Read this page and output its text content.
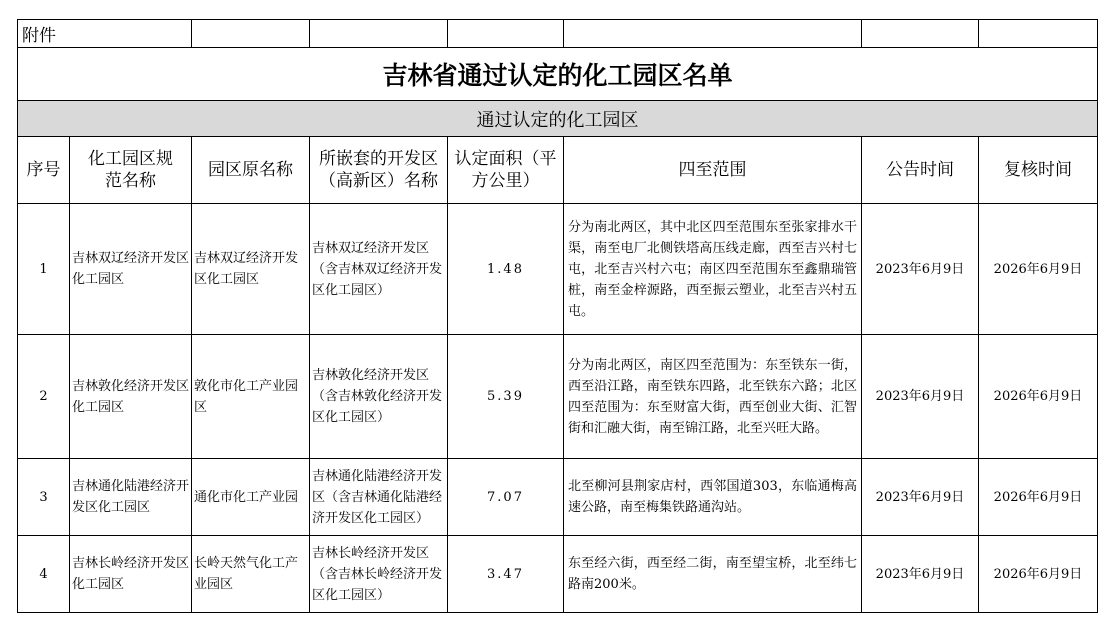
附件							
吉林省通过认定的化工园区名单							
通过认定的化工园区							
序号	化工园区规范名称	园区原名称	所嵌套的开发区（高新区）名称	认定面积（平方公里）	四至范围	公告时间	复核时间
1	吉林双辽经济开发区化工园区	吉林双辽经济开发区化工园区	吉林双辽经济开发区（含吉林双辽经济开发区化工园区）	1.48	分为南北两区，其中北区四至范围东至张家排水干渠，南至电厂北侧铁塔高压线走廊，西至吉兴村七屯，北至吉兴村六屯；南区四至范围东至鑫鼎瑞管桩，南至金梓源路，西至振云塑业，北至吉兴村五屯。	2023年6月9日	2026年6月9日
2	吉林敦化经济开发区化工园区	敦化市化工产业园区	吉林敦化经济开发区（含吉林敦化经济开发区化工园区）	5.39	分为南北两区，南区四至范围为：东至铁东一街，西至沿江路，南至铁东四路，北至铁东六路；北区四至范围为：东至财富大街，西至创业大街、汇智街和汇融大街，南至锦江路，北至兴旺大路。	2023年6月9日	2026年6月9日
3	吉林通化陆港经济开发区化工园区	通化市化工产业园	吉林通化陆港经济开发区（含吉林通化陆港经济开发区化工园区）	7.07	北至柳河县荆家店村，西邻国道303，东临通梅高速公路，南至梅集铁路通沟站。	2023年6月9日	2026年6月9日
4	吉林长岭经济开发区化工园区	长岭天然气化工产业园区	吉林长岭经济开发区（含吉林长岭经济开发区化工园区）	3.47	东至经六街，西至经二街，南至望宝桥，北至纬七路南200米。	2023年6月9日	2026年6月9日
